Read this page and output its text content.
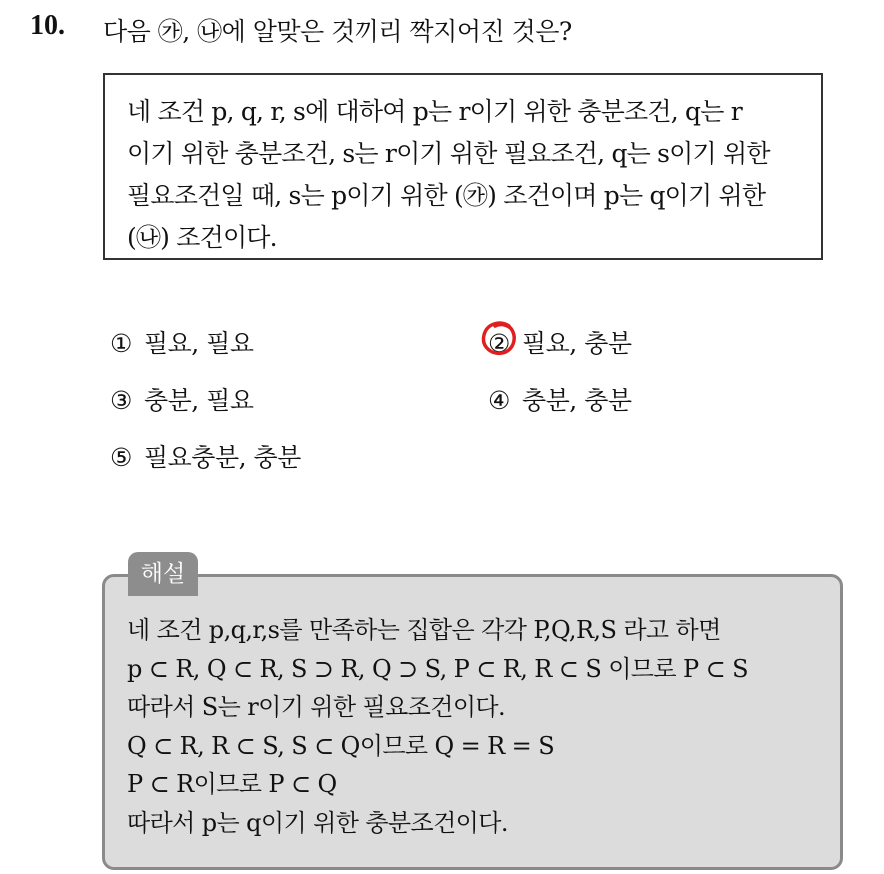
10. 다음 ㉮, ㉯에 알맞은 것끼리 짝지어진 것은?
네 조건 p, q, r, s에 대하여 p는 r이기 위한 충분조건, q는 r
이기 위한 충분조건, s는 r이기 위한 필요조건, q는 s이기 위한
필요조건일 때, s는 p이기 위한 (㉮) 조건이며 p는 q이기 위한
(㉯) 조건이다.
① 필요, 필요	② 필요, 충분
③ 충분, 필요	④ 충분, 충분
⑤ 필요충분, 충분
네 조건 p,q,r,s를 만족하는 집합은 각각 P,Q,R,S 라고 하면
p ⊂ R, Q ⊂ R, S ⊃ R, Q ⊃ S, P ⊂ R, R ⊂ S 이므로 P ⊂ S
따라서 S는 r이기 위한 필요조건이다.
Q ⊂ R, R ⊂ S, S ⊂ Q이므로 Q = R = S
P ⊂ R이므로 P ⊂ Q
따라서 p는 q이기 위한 충분조건이다.
해설
